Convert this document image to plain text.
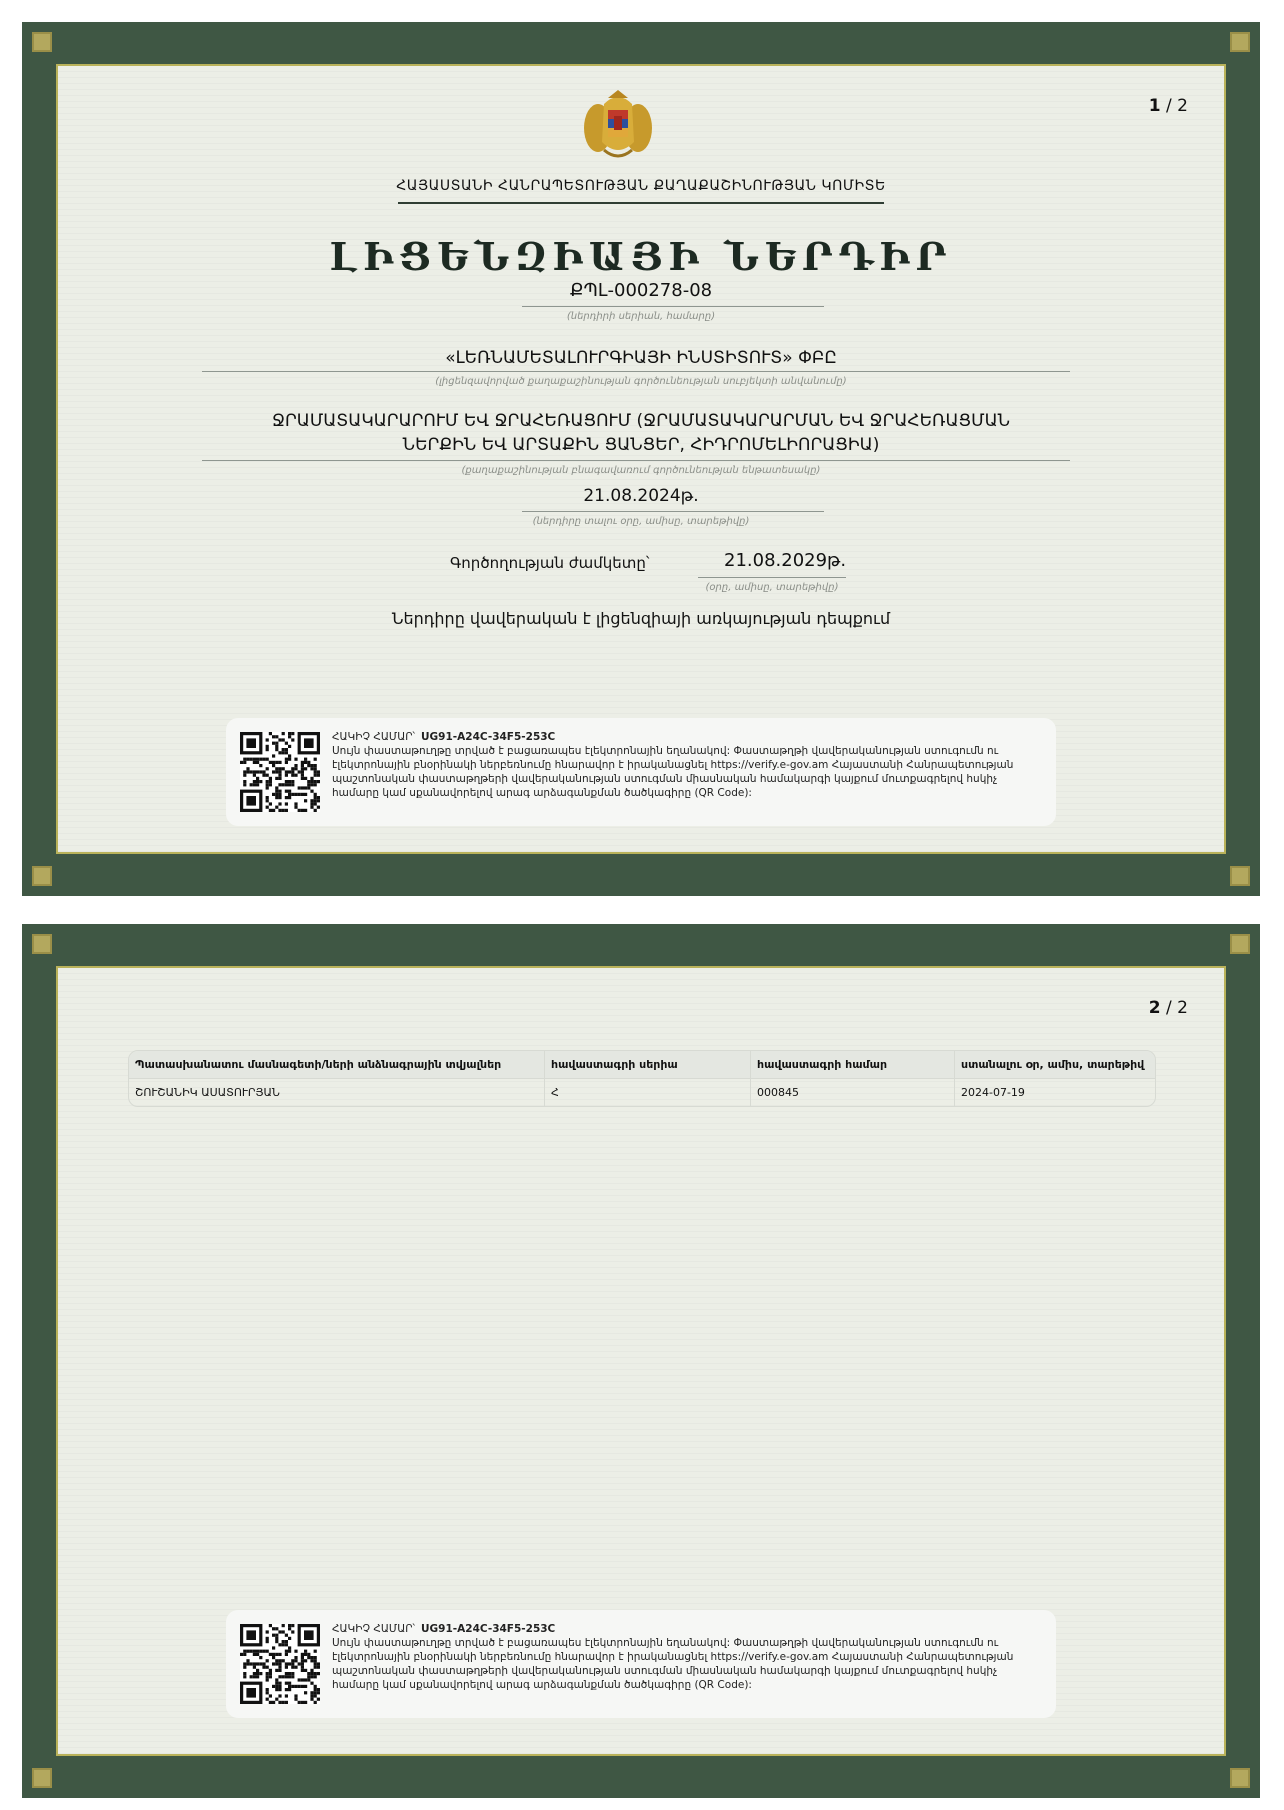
1 / 2
ՀԱՅԱՍՏԱՆԻ ՀԱՆՐԱՊԵՏՈՒԹՅԱՆ ՔԱՂԱՔԱՇԻՆՈՒԹՅԱՆ ԿՈՄԻՏԵ
ԼԻՑԵՆԶԻԱՅԻ ՆԵՐԴԻՐ
ՔՊԼ-000278-08
(ներդիրի սերիան, համարը)
«ԼԵՌՆԱՄԵՏԱԼՈՒՐԳԻԱՅԻ ԻՆՍՏԻՏՈՒՏ» ՓԲԸ
(լիցենզավորված քաղաքաշինության գործունեության սուբյեկտի անվանումը)
ՋՐԱՄԱՏԱԿԱՐԱՐՈՒՄ ԵՎ ՋՐԱՀԵՌԱՑՈՒՄ (ՋՐԱՄԱՏԱԿԱՐԱՐՄԱՆ ԵՎ ՋՐԱՀԵՌԱՑՄԱՆ ՆԵՐՔԻՆ ԵՎ ԱՐՏԱՔԻՆ ՑԱՆՑԵՐ, ՀԻԴՐՈՄԵԼԻՈՐԱՑԻԱ)
(քաղաքաշինության բնագավառում գործունեության ենթատեսակը)
21.08.2024թ.
(ներդիրը տալու օրը, ամիսը, տարեթիվը)
Գործողության ժամկետը՝	21.08.2029թ.
(օրը, ամիսը, տարեթիվը)
Ներդիրը վավերական է լիցենզիայի առկայության դեպքում
ՀԱԿԻՉ ՀԱՄԱՐ՝ UG91-A24C-34F5-253C
Սույն փաստաթուղթը տրված է բացառապես էլեկտրոնային եղանակով: Փաստաթղթի վավերականության ստուգումն ու էլեկտրոնային բնօրինակի ներբեռնումը հնարավոր է իրականացնել https://verify.e-gov.am Հայաստանի Հանրապետության պաշտոնական փաստաթղթերի վավերականության ստուգման միասնական համակարգի կայքում մուտքագրելով հսկիչ համարը կամ սքանավորելով արագ արձագանքման ծածկագիրը (QR Code):
2 / 2
Պատասխանատու մասնագետի/ների անձնագրային տվյալներ	հավաստագրի սերիա	հավաստագրի համար	ստանալու օր, ամիս, տարեթիվ
ՇՈՒՇԱՆԻԿ ԱՍԱՏՈՒՐՅԱՆ	Հ	000845	2024-07-19
ՀԱԿԻՉ ՀԱՄԱՐ՝ UG91-A24C-34F5-253C
Սույն փաստաթուղթը տրված է բացառապես էլեկտրոնային եղանակով: Փաստաթղթի վավերականության ստուգումն ու էլեկտրոնային բնօրինակի ներբեռնումը հնարավոր է իրականացնել https://verify.e-gov.am Հայաստանի Հանրապետության պաշտոնական փաստաթղթերի վավերականության ստուգման միասնական համակարգի կայքում մուտքագրելով հսկիչ համարը կամ սքանավորելով արագ արձագանքման ծածկագիրը (QR Code):
